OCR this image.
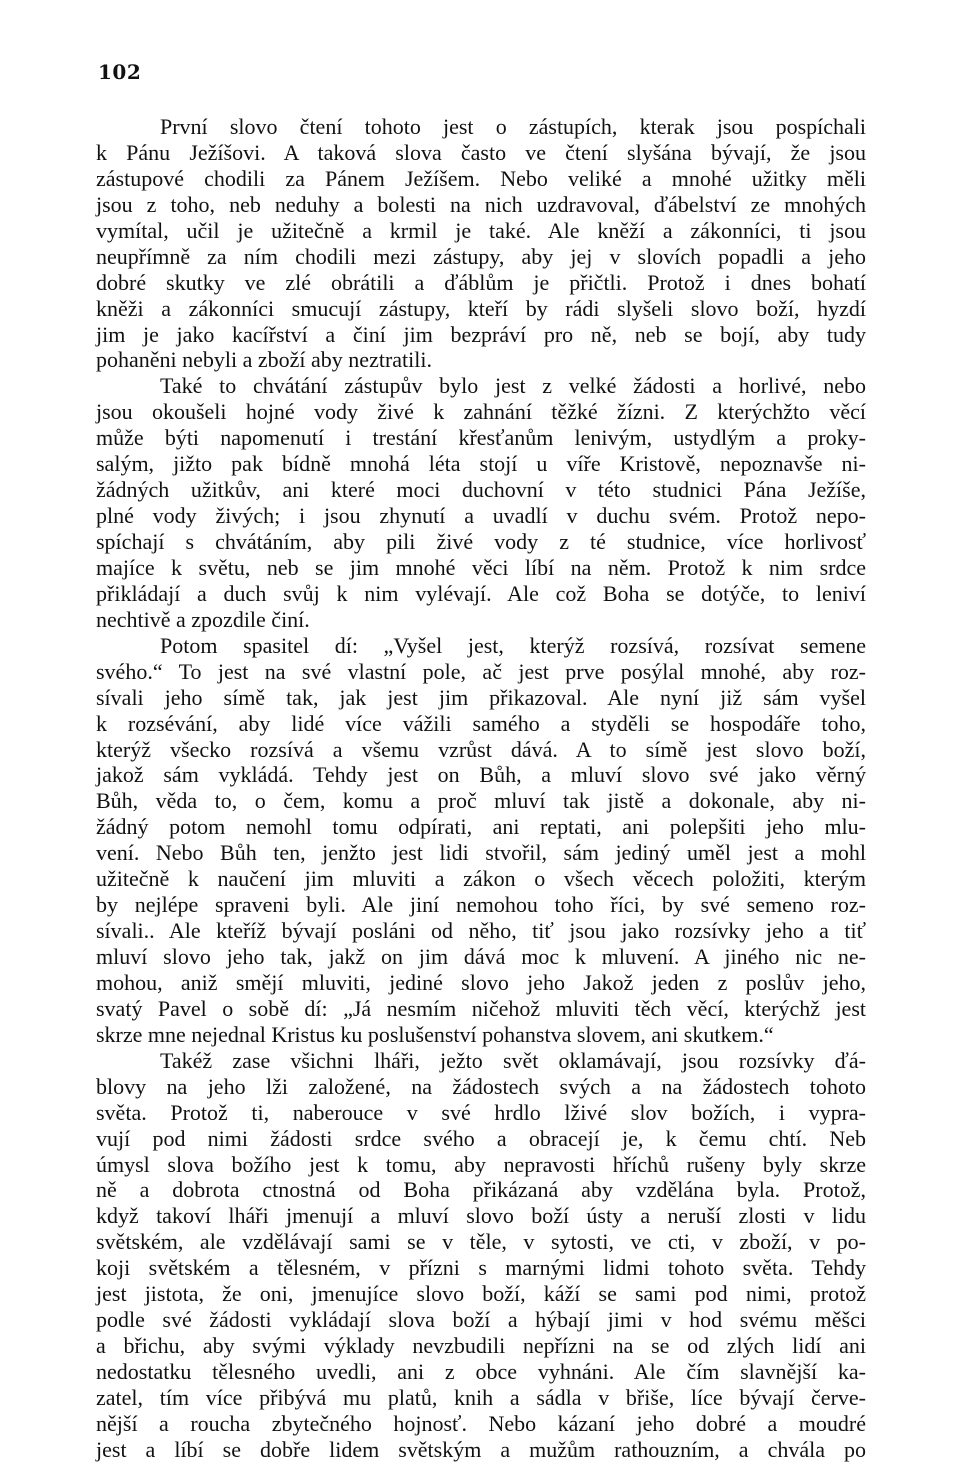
102
První slovo čtení tohoto jest o zástupích, kterak jsou pospíchali
k Pánu Ježíšovi. A taková slova často ve čtení slyšána bývají, že jsou
zástupové chodili za Pánem Ježíšem. Nebo veliké a mnohé užitky měli
jsou z toho, neb neduhy a bolesti na nich uzdravoval, ďábelství ze mnohých
vymítal, učil je užitečně a krmil je také. Ale kněží a zákonníci, ti jsou
neupřímně za ním chodili mezi zástupy, aby jej v slovích popadli a jeho
dobré skutky ve zlé obrátili a ďáblům je přičtli. Protož i dnes bohatí
kněži a zákonníci smucují zástupy, kteří by rádi slyšeli slovo boží, hyzdí
jim je jako kacířství a činí jim bezpráví pro ně, neb se bojí, aby tudy
pohaněni nebyli a zboží aby neztratili.
Také to chvátání zástupův bylo jest z velké žádosti a horlivé, nebo
jsou okoušeli hojné vody živé k zahnání těžké žízni. Z kterýchžto věcí
může býti napomenutí i trestání křesťanům lenivým, ustydlým a proky-
salým, jižto pak bídně mnohá léta stojí u víře Kristově, nepoznavše ni-
žádných užitkův, ani které moci duchovní v této studnici Pána Ježíše,
plné vody živých; i jsou zhynutí a uvadlí v duchu svém. Protož nepo-
spíchají s chvátáním, aby pili živé vody z té studnice, více horlivosť
majíce k světu, neb se jim mnohé věci líbí na něm. Protož k nim srdce
přikládají a duch svůj k nim vylévají. Ale což Boha se dotýče, to leniví
nechtivě a zpozdile činí.
Potom spasitel dí: „Vyšel jest, kterýž rozsívá, rozsívat semene
svého.“ To jest na své vlastní pole, ač jest prve posýlal mnohé, aby roz-
sívali jeho símě tak, jak jest jim přikazoval. Ale nyní již sám vyšel
k rozsévání, aby lidé více vážili samého a styděli se hospodáře toho,
kterýž všecko rozsívá a všemu vzrůst dává. A to símě jest slovo boží,
jakož sám vykládá. Tehdy jest on Bůh, a mluví slovo své jako věrný
Bůh, věda to, o čem, komu a proč mluví tak jistě a dokonale, aby ni-
žádný potom nemohl tomu odpírati, ani reptati, ani polepšiti jeho mlu-
vení. Nebo Bůh ten, jenžto jest lidi stvořil, sám jediný uměl jest a mohl
užitečně k naučení jim mluviti a zákon o všech věcech položiti, kterým
by nejlépe spraveni byli. Ale jiní nemohou toho říci, by své semeno roz-
sívali.. Ale kteříž bývají posláni od něho, tiť jsou jako rozsívky jeho a tiť
mluví slovo jeho tak, jakž on jim dává moc k mluvení. A jiného nic ne-
mohou, aniž smějí mluviti, jediné slovo jeho Jakož jeden z poslův jeho,
svatý Pavel o sobě dí: „Já nesmím ničehož mluviti těch věcí, kterýchž jest
skrze mne nejednal Kristus ku poslušenství pohanstva slovem, ani skutkem.“
Takéž zase všichni lháři, ježto svět oklamávají, jsou rozsívky ďá-
blovy na jeho lži založené, na žádostech svých a na žádostech tohoto
světa. Protož ti, naberouce v své hrdlo lživé slov božích, i vypra-
vují pod nimi žádosti srdce svého a obracejí je, k čemu chtí. Neb
úmysl slova božího jest k tomu, aby nepravosti hříchů rušeny byly skrze
ně a dobrota ctnostná od Boha přikázaná aby vzdělána byla. Protož,
když takoví lháři jmenují a mluví slovo boží ústy a neruší zlosti v lidu
světském, ale vzdělávají sami se v těle, v sytosti, ve cti, v zboží, v po-
koji světském a tělesném, v přízni s marnými lidmi tohoto světa. Tehdy
jest jistota, že oni, jmenujíce slovo boží, káží se sami pod nimi, protož
podle své žádosti vykládají slova boží a hýbají jimi v hod svému měšci
a břichu, aby svými výklady nevzbudili nepřízni na se od zlých lidí ani
nedostatku tělesného uvedli, ani z obce vyhnáni. Ale čím slavnější ka-
zatel, tím více přibývá mu platů, knih a sádla v břiše, líce bývají červe-
nější a roucha zbytečného hojnosť. Nebo kázaní jeho dobré a moudré
jest a líbí se dobře lidem světským a mužům rathouzním, a chvála po
